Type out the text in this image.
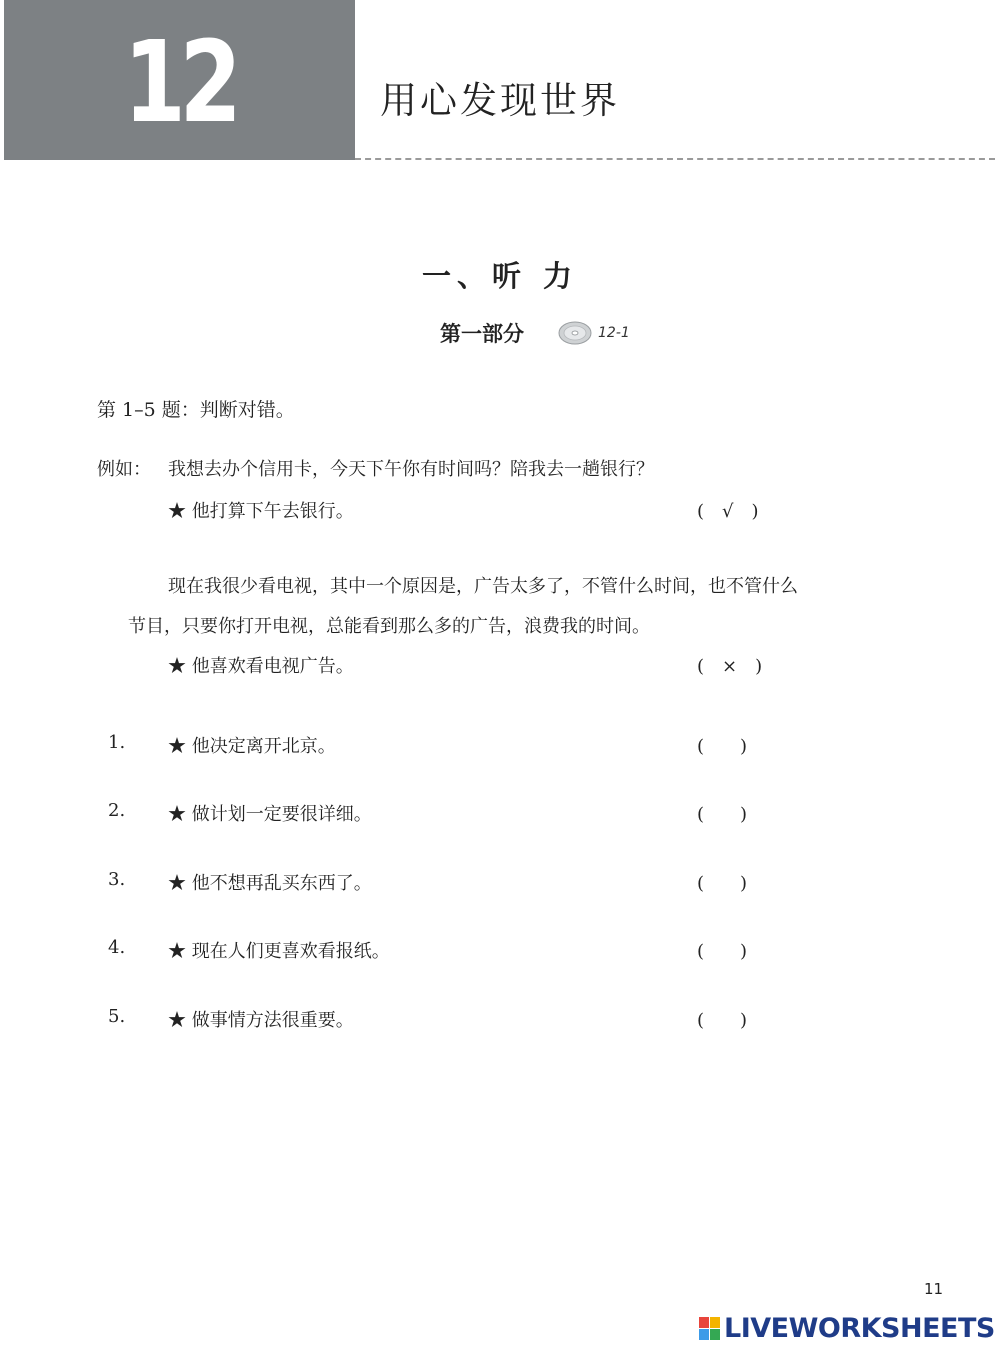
12	用心发现世界
一、听 力
第一部分	12-1
第 1–5 题：判断对错。
例如： 我想去办个信用卡，今天下午你有时间吗？陪我去一趟银行？
★ 他打算下午去银行。	(　√　)
现在我很少看电视，其中一个原因是，广告太多了，不管什么时间，也不管什么
节目，只要你打开电视，总能看到那么多的广告，浪费我的时间。
★ 他喜欢看电视广告。	(　×　)
1. ★ 他决定离开北京。	(　　)
2. ★ 做计划一定要很详细。	(　　)
3. ★ 他不想再乱买东西了。	(　　)
4. ★ 现在人们更喜欢看报纸。	(　　)
5. ★ 做事情方法很重要。	(　　)
11
LIVEWORKSHEETS
